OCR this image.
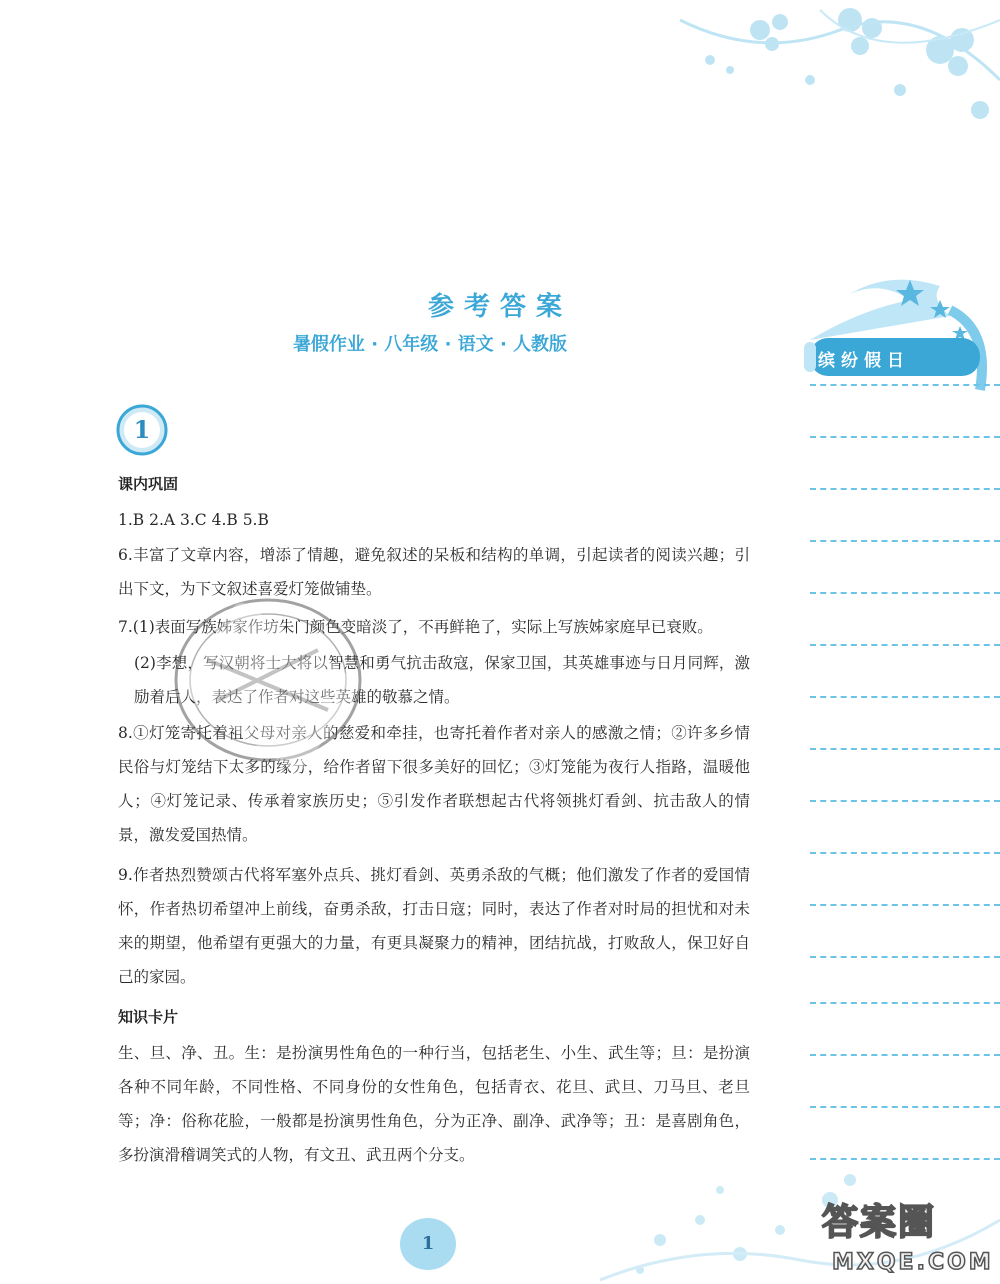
参考答案
暑假作业 · 八年级 · 语文 · 人教版
1
课内巩固
1.B 2.A 3.C 4.B 5.B
6.丰富了文章内容，增添了情趣，避免叙述的呆板和结构的单调，引起读者的阅读兴趣；引出下文，为下文叙述喜爱灯笼做铺垫。
7.(1)表面写族姊家作坊朱门颜色变暗淡了，不再鲜艳了，实际上写族姊家庭早已衰败。
(2)李想，写汉朝将士大将以智慧和勇气抗击敌寇，保家卫国，其英雄事迹与日月同辉，激励着后人，表达了作者对这些英雄的敬慕之情。
8.①灯笼寄托着祖父母对亲人的慈爱和牵挂，也寄托着作者对亲人的感激之情；②许多乡情民俗与灯笼结下太多的缘分，给作者留下很多美好的回忆；③灯笼能为夜行人指路，温暖他人；④灯笼记录、传承着家族历史；⑤引发作者联想起古代将领挑灯看剑、抗击敌人的情景，激发爱国热情。
9.作者热烈赞颂古代将军塞外点兵、挑灯看剑、英勇杀敌的气概；他们激发了作者的爱国情怀，作者热切希望冲上前线，奋勇杀敌，打击日寇；同时，表达了作者对时局的担忧和对未来的期望，他希望有更强大的力量，有更具凝聚力的精神，团结抗战，打败敌人，保卫好自己的家园。
知识卡片
生、旦、净、丑。生：是扮演男性角色的一种行当，包括老生、小生、武生等；旦：是扮演各种不同年龄，不同性格、不同身份的女性角色，包括青衣、花旦、武旦、刀马旦、老旦等；净：俗称花脸，一般都是扮演男性角色，分为正净、副净、武净等；丑：是喜剧角色，多扮演滑稽调笑式的人物，有文丑、武丑两个分支。
缤纷假日
1
答案圈
MXQE.COM
